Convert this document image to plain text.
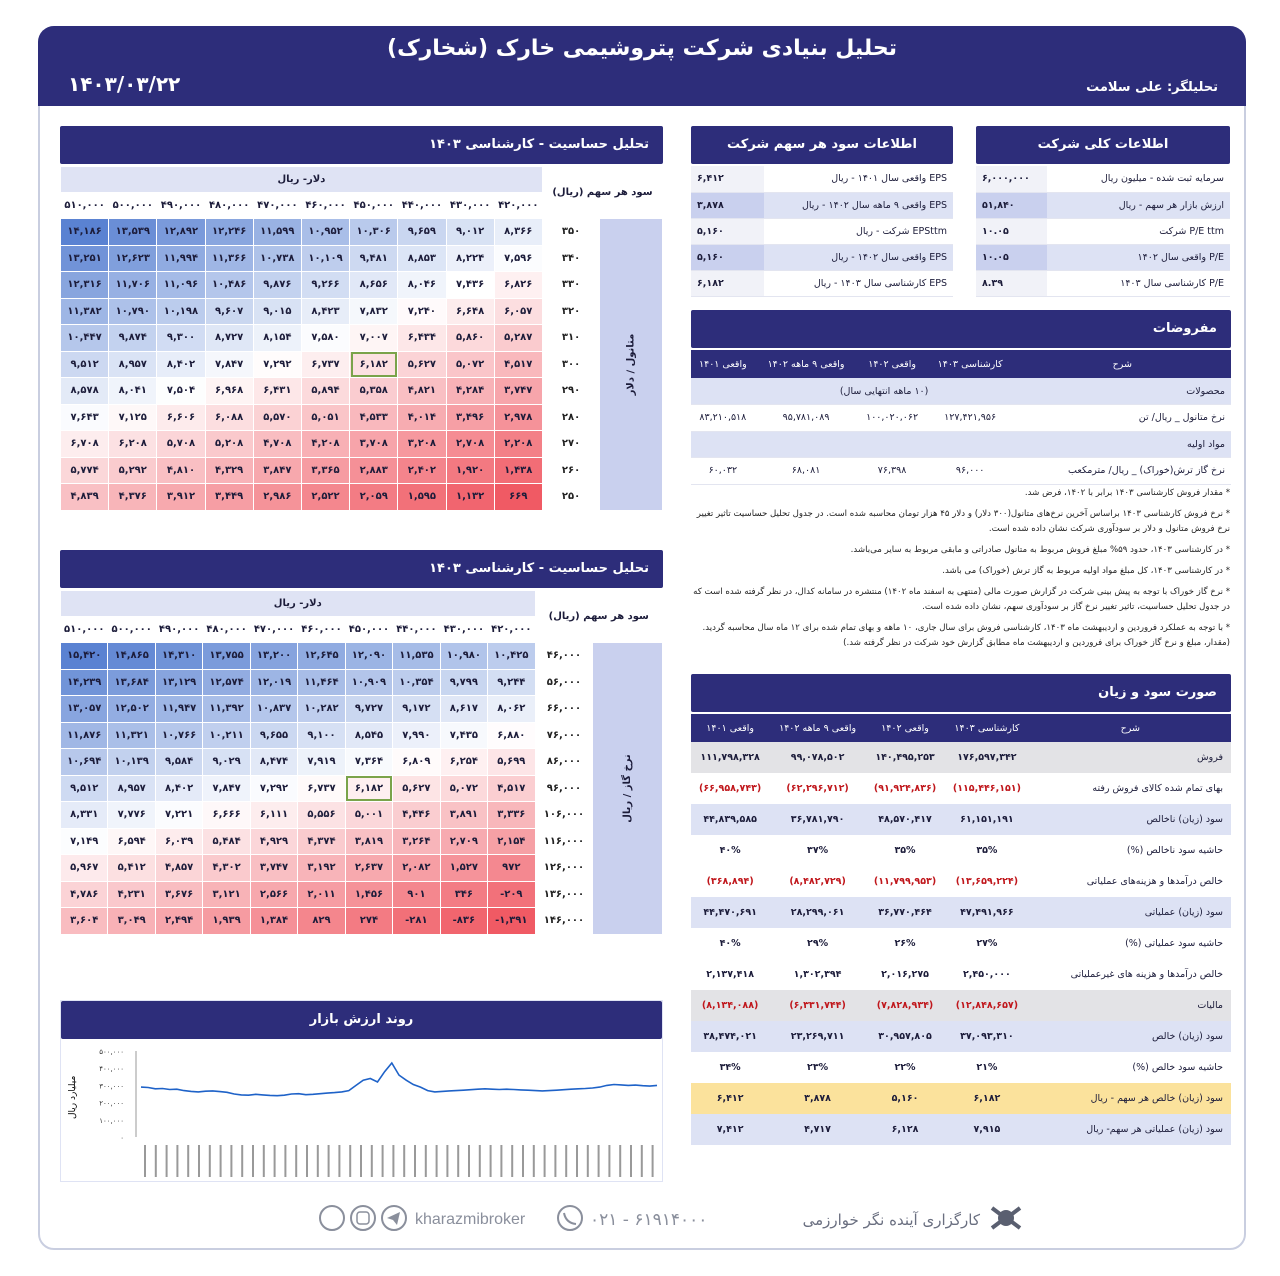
تحلیل بنیادی شرکت پتروشیمی خارک (شخارک)
تحلیلگر: علی سلامت
۱۴۰۳/۰۳/۲۲
اطلاعات کلی شرکت
سرمایه ثبت شده - میلیون ریال	۶,۰۰۰,۰۰۰
ارزش بازار هر سهم - ریال	۵۱,۸۴۰
P/E ttm شرکت	۱۰.۰۵
P/E واقعی سال ۱۴۰۲	۱۰.۰۵
P/E کارشناسی سال ۱۴۰۳	۸.۳۹
اطلاعات سود هر سهم شرکت
EPS واقعی سال ۱۴۰۱ - ریال	۶,۴۱۲
EPS واقعی ۹ ماهه سال ۱۴۰۲ - ریال	۳,۸۷۸
EPSttm شرکت - ریال	۵,۱۶۰
EPS واقعی سال ۱۴۰۲ - ریال	۵,۱۶۰
EPS کارشناسی سال ۱۴۰۳ - ریال	۶,۱۸۲
مفروضات
شرح	کارشناسی ۱۴۰۳	واقعی ۱۴۰۲	واقعی ۹ ماهه ۱۴۰۲	واقعی ۱۴۰۱
محصولات	(۱۰ ماهه انتهایی سال)			
نرخ متانول _ ریال/ تن	۱۲۷,۴۲۱,۹۵۶	۱۰۰,۰۲۰,۰۶۲	۹۵,۷۸۱,۰۸۹	۸۳,۲۱۰,۵۱۸
مواد اولیه				
نرخ گاز ترش(خوراک) _ ریال/ مترمکعب	۹۶,۰۰۰	۷۶,۳۹۸	۶۸,۰۸۱	۶۰,۰۳۲

* مقدار فروش کارشناسی ۱۴۰۳ برابر با ۱۴۰۲، فرض شد.

* نرخ فروش کارشناسی ۱۴۰۳ براساس آخرین نرخ‌های متانول(۳۰۰ دلار) و دلار ۴۵ هزار تومان محاسبه شده است. در جدول تحلیل حساسیت تاثیر تغییر نرخ فروش متانول و دلار بر سودآوری شرکت نشان داده شده است.

* در کارشناسی ۱۴۰۳، حدود ۵۹% مبلغ فروش مربوط به متانول صادراتی و مابقی مربوط به سایر می‌باشد.

* در کارشناسی ۱۴۰۳، کل مبلغ مواد اولیه مربوط به گاز ترش (خوراک) می باشد.

* نرخ گاز خوراک با توجه به پیش بینی شرکت در گزارش صورت مالی (منتهی به اسفند ماه ۱۴۰۲) منتشره در سامانه کدال، در نظر گرفته شده است که در جدول تحلیل حساسیت، تاثیر تغییر نرخ گاز بر سودآوری سهم، نشان داده شده است.

* با توجه به عملکرد فروردین و اردیبهشت ماه ۱۴۰۳، کارشناسی فروش برای سال جاری، ۱۰ ماهه و بهای تمام شده برای ۱۲ ماه سال محاسبه گردید. (مقدار، مبلغ و نرخ گاز خوراک برای فروردین و اردیبهشت ماه مطابق گزارش خود شرکت در نظر گرفته شد.)

صورت سود و زیان
شرح	کارشناسی ۱۴۰۳	واقعی ۱۴۰۲	واقعی ۹ ماهه ۱۴۰۲	واقعی ۱۴۰۱
فروش	۱۷۶,۵۹۷,۳۴۲	۱۴۰,۴۹۵,۲۵۳	۹۹,۰۷۸,۵۰۲	۱۱۱,۷۹۸,۳۲۸
بهای تمام شده کالای فروش رفته	(۱۱۵,۴۴۶,۱۵۱)	(۹۱,۹۲۴,۸۳۶)	(۶۲,۲۹۶,۷۱۲)	(۶۶,۹۵۸,۷۴۳)
سود (زیان) ناخالص	۶۱,۱۵۱,۱۹۱	۴۸,۵۷۰,۴۱۷	۳۶,۷۸۱,۷۹۰	۴۴,۸۳۹,۵۸۵
حاشیه سود ناخالص (%)	۳۵%	۳۵%	۳۷%	۴۰%
خالص درآمدها و هزینه‌های عملیاتی	(۱۳,۶۵۹,۲۲۴)	(۱۱,۷۹۹,۹۵۳)	(۸,۴۸۲,۷۲۹)	(۳۶۸,۸۹۴)
سود (زیان) عملیاتی	۴۷,۴۹۱,۹۶۶	۳۶,۷۷۰,۴۶۴	۲۸,۲۹۹,۰۶۱	۴۴,۴۷۰,۶۹۱
حاشیه سود عملیاتی (%)	۲۷%	۲۶%	۲۹%	۴۰%
خالص درآمدها و هزینه های غیرعملیاتی	۲,۴۵۰,۰۰۰	۲,۰۱۶,۲۷۵	۱,۳۰۲,۳۹۴	۲,۱۳۷,۴۱۸
مالیات	(۱۲,۸۴۸,۶۵۷)	(۷,۸۲۸,۹۳۴)	(۶,۳۳۱,۷۴۴)	(۸,۱۳۴,۰۸۸)
سود (زیان) خالص	۳۷,۰۹۳,۳۱۰	۳۰,۹۵۷,۸۰۵	۲۳,۲۶۹,۷۱۱	۳۸,۴۷۴,۰۲۱
حاشیه سود خالص (%)	۲۱%	۲۲%	۲۳%	۳۴%
سود (زیان) خالص هر سهم - ریال	۶,۱۸۲	۵,۱۶۰	۳,۸۷۸	۶,۴۱۲
سود (زیان) عملیاتی هر سهم- ریال	۷,۹۱۵	۶,۱۲۸	۴,۷۱۷	۷,۴۱۲
تحلیل حساسیت - کارشناسی ۱۴۰۳
دلار- ریال										سود هر سهم (ریال)	
۵۱۰,۰۰۰	۵۰۰,۰۰۰	۴۹۰,۰۰۰	۴۸۰,۰۰۰	۴۷۰,۰۰۰	۴۶۰,۰۰۰	۴۵۰,۰۰۰	۴۴۰,۰۰۰	۴۳۰,۰۰۰	۴۲۰,۰۰۰		
۱۴,۱۸۶	۱۳,۵۳۹	۱۲,۸۹۲	۱۲,۲۴۶	۱۱,۵۹۹	۱۰,۹۵۲	۱۰,۳۰۶	۹,۶۵۹	۹,۰۱۲	۸,۳۶۶	۳۵۰	متانول / دلار

۱۳,۲۵۱	۱۲,۶۲۳	۱۱,۹۹۴	۱۱,۳۶۶	۱۰,۷۳۸	۱۰,۱۰۹	۹,۴۸۱	۸,۸۵۳	۸,۲۲۴	۷,۵۹۶	۳۴۰	
۱۲,۳۱۶	۱۱,۷۰۶	۱۱,۰۹۶	۱۰,۴۸۶	۹,۸۷۶	۹,۲۶۶	۸,۶۵۶	۸,۰۴۶	۷,۴۳۶	۶,۸۲۶	۳۳۰	
۱۱,۳۸۲	۱۰,۷۹۰	۱۰,۱۹۸	۹,۶۰۷	۹,۰۱۵	۸,۴۲۳	۷,۸۳۲	۷,۲۴۰	۶,۶۴۸	۶,۰۵۷	۳۲۰	
۱۰,۴۴۷	۹,۸۷۴	۹,۳۰۰	۸,۷۲۷	۸,۱۵۴	۷,۵۸۰	۷,۰۰۷	۶,۴۳۴	۵,۸۶۰	۵,۲۸۷	۳۱۰	
۹,۵۱۲	۸,۹۵۷	۸,۴۰۲	۷,۸۴۷	۷,۲۹۲	۶,۷۳۷	۶,۱۸۲	۵,۶۲۷	۵,۰۷۲	۴,۵۱۷	۳۰۰	
۸,۵۷۸	۸,۰۴۱	۷,۵۰۴	۶,۹۶۸	۶,۴۳۱	۵,۸۹۴	۵,۳۵۸	۴,۸۲۱	۴,۲۸۴	۳,۷۴۷	۲۹۰	
۷,۶۴۳	۷,۱۲۵	۶,۶۰۶	۶,۰۸۸	۵,۵۷۰	۵,۰۵۱	۴,۵۳۳	۴,۰۱۴	۳,۴۹۶	۲,۹۷۸	۲۸۰	
۶,۷۰۸	۶,۲۰۸	۵,۷۰۸	۵,۲۰۸	۴,۷۰۸	۴,۲۰۸	۳,۷۰۸	۳,۲۰۸	۲,۷۰۸	۲,۲۰۸	۲۷۰	
۵,۷۷۴	۵,۲۹۲	۴,۸۱۰	۴,۳۲۹	۳,۸۴۷	۳,۳۶۵	۲,۸۸۳	۲,۴۰۲	۱,۹۲۰	۱,۴۳۸	۲۶۰	
۴,۸۳۹	۴,۳۷۶	۳,۹۱۲	۳,۴۴۹	۲,۹۸۶	۲,۵۲۲	۲,۰۵۹	۱,۵۹۵	۱,۱۳۲	۶۶۹	۲۵۰	
تحلیل حساسیت - کارشناسی ۱۴۰۳
دلار- ریال										سود هر سهم (ریال)	
۵۱۰,۰۰۰	۵۰۰,۰۰۰	۴۹۰,۰۰۰	۴۸۰,۰۰۰	۴۷۰,۰۰۰	۴۶۰,۰۰۰	۴۵۰,۰۰۰	۴۴۰,۰۰۰	۴۳۰,۰۰۰	۴۲۰,۰۰۰		
۱۵,۴۲۰	۱۴,۸۶۵	۱۴,۳۱۰	۱۳,۷۵۵	۱۳,۲۰۰	۱۲,۶۴۵	۱۲,۰۹۰	۱۱,۵۳۵	۱۰,۹۸۰	۱۰,۴۲۵	۴۶,۰۰۰	نرخ گاز / ریال

۱۴,۲۳۹	۱۳,۶۸۴	۱۳,۱۲۹	۱۲,۵۷۴	۱۲,۰۱۹	۱۱,۴۶۴	۱۰,۹۰۹	۱۰,۳۵۴	۹,۷۹۹	۹,۲۴۴	۵۶,۰۰۰	
۱۳,۰۵۷	۱۲,۵۰۲	۱۱,۹۴۷	۱۱,۳۹۲	۱۰,۸۳۷	۱۰,۲۸۲	۹,۷۲۷	۹,۱۷۲	۸,۶۱۷	۸,۰۶۲	۶۶,۰۰۰	
۱۱,۸۷۶	۱۱,۳۲۱	۱۰,۷۶۶	۱۰,۲۱۱	۹,۶۵۵	۹,۱۰۰	۸,۵۴۵	۷,۹۹۰	۷,۴۳۵	۶,۸۸۰	۷۶,۰۰۰	
۱۰,۶۹۴	۱۰,۱۳۹	۹,۵۸۴	۹,۰۲۹	۸,۴۷۴	۷,۹۱۹	۷,۳۶۴	۶,۸۰۹	۶,۲۵۴	۵,۶۹۹	۸۶,۰۰۰	
۹,۵۱۲	۸,۹۵۷	۸,۴۰۲	۷,۸۴۷	۷,۲۹۲	۶,۷۳۷	۶,۱۸۲	۵,۶۲۷	۵,۰۷۲	۴,۵۱۷	۹۶,۰۰۰	
۸,۳۳۱	۷,۷۷۶	۷,۲۲۱	۶,۶۶۶	۶,۱۱۱	۵,۵۵۶	۵,۰۰۱	۴,۴۴۶	۳,۸۹۱	۳,۳۳۶	۱۰۶,۰۰۰	
۷,۱۴۹	۶,۵۹۴	۶,۰۳۹	۵,۴۸۴	۴,۹۲۹	۴,۳۷۴	۳,۸۱۹	۳,۲۶۴	۲,۷۰۹	۲,۱۵۴	۱۱۶,۰۰۰	
۵,۹۶۷	۵,۴۱۲	۴,۸۵۷	۴,۳۰۲	۳,۷۴۷	۳,۱۹۲	۲,۶۳۷	۲,۰۸۲	۱,۵۲۷	۹۷۲	۱۲۶,۰۰۰	
۴,۷۸۶	۴,۲۳۱	۳,۶۷۶	۳,۱۲۱	۲,۵۶۶	۲,۰۱۱	۱,۴۵۶	۹۰۱	۳۴۶	-۲۰۹	۱۳۶,۰۰۰	
۳,۶۰۴	۳,۰۴۹	۲,۴۹۴	۱,۹۳۹	۱,۳۸۴	۸۲۹	۲۷۴	-۲۸۱	-۸۳۶	-۱,۳۹۱	۱۴۶,۰۰۰	
روند ارزش بازار
۵۰۰,۰۰۰
۴۰۰,۰۰۰
۳۰۰,۰۰۰
۲۰۰,۰۰۰
۱۰۰,۰۰۰
۰
میلیارد ریال
kharazmibroker	۰۲۱ - ۶۱۹۱۴۰۰۰	کارگزاری آینده نگر خوارزمی
